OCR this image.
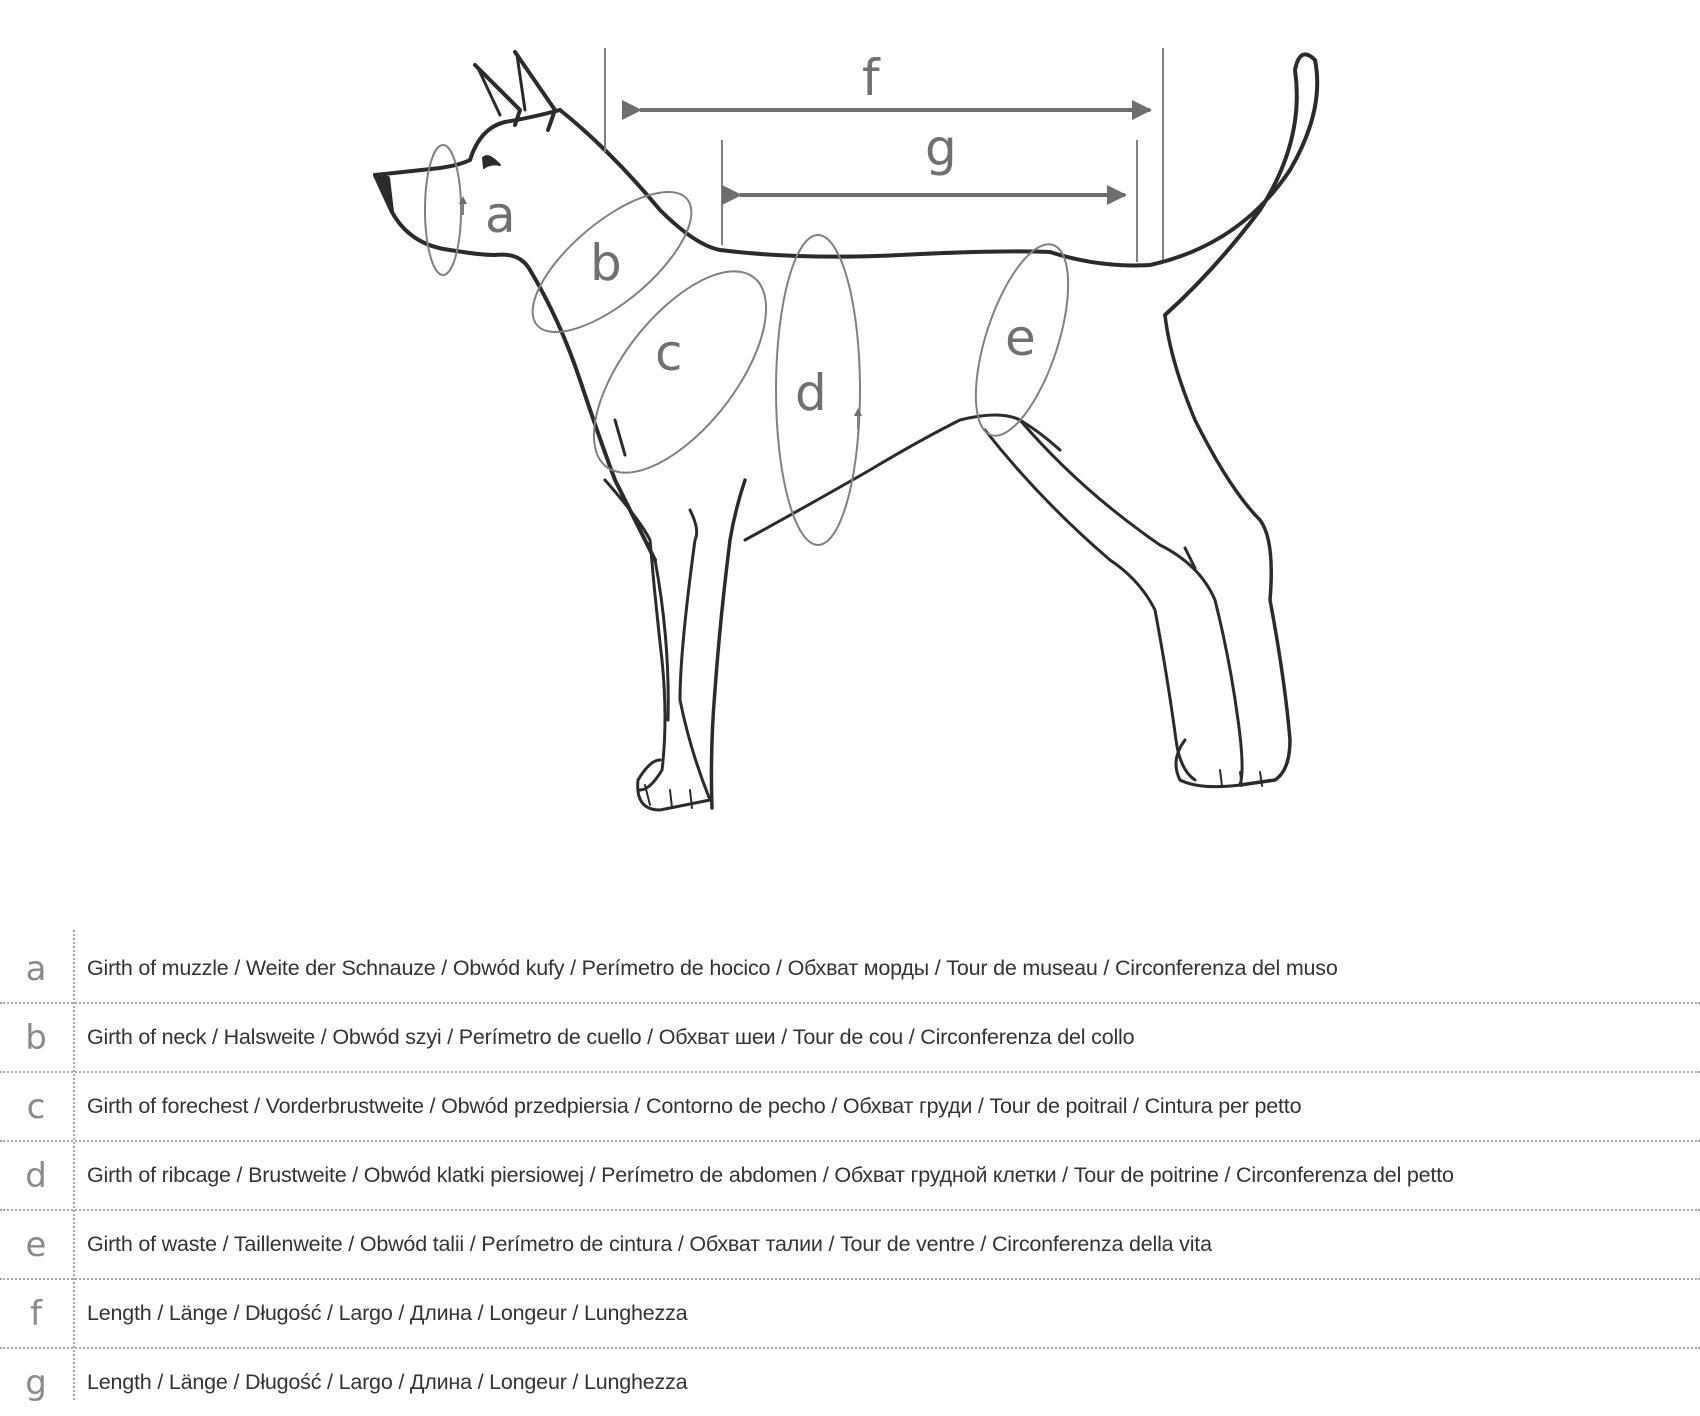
a
b
c
d
e
f
g
a	Girth of muzzle / Weite der Schnauze / Obwód kufy / Perímetro de hocico / Обхват морды / Tour de museau / Circonferenza del muso
b	Girth of neck / Halsweite / Obwód szyi / Perímetro de cuello / Обхват шеи / Tour de cou / Circonferenza del collo
c	Girth of forechest / Vorderbrustweite / Obwód przedpiersia / Contorno de pecho / Обхват груди / Tour de poitrail / Cintura per petto
d	Girth of ribcage / Brustweite / Obwód klatki piersiowej / Perímetro de abdomen / Обхват грудной клетки / Tour de poitrine / Circonferenza del petto
e	Girth of waste / Taillenweite / Obwód talii / Perímetro de cintura / Обхват талии / Tour de ventre / Circonferenza della vita
f	Length / Länge / Długość / Largo / Длина / Longeur / Lunghezza
g	Length / Länge / Długość / Largo / Длина / Longeur / Lunghezza
